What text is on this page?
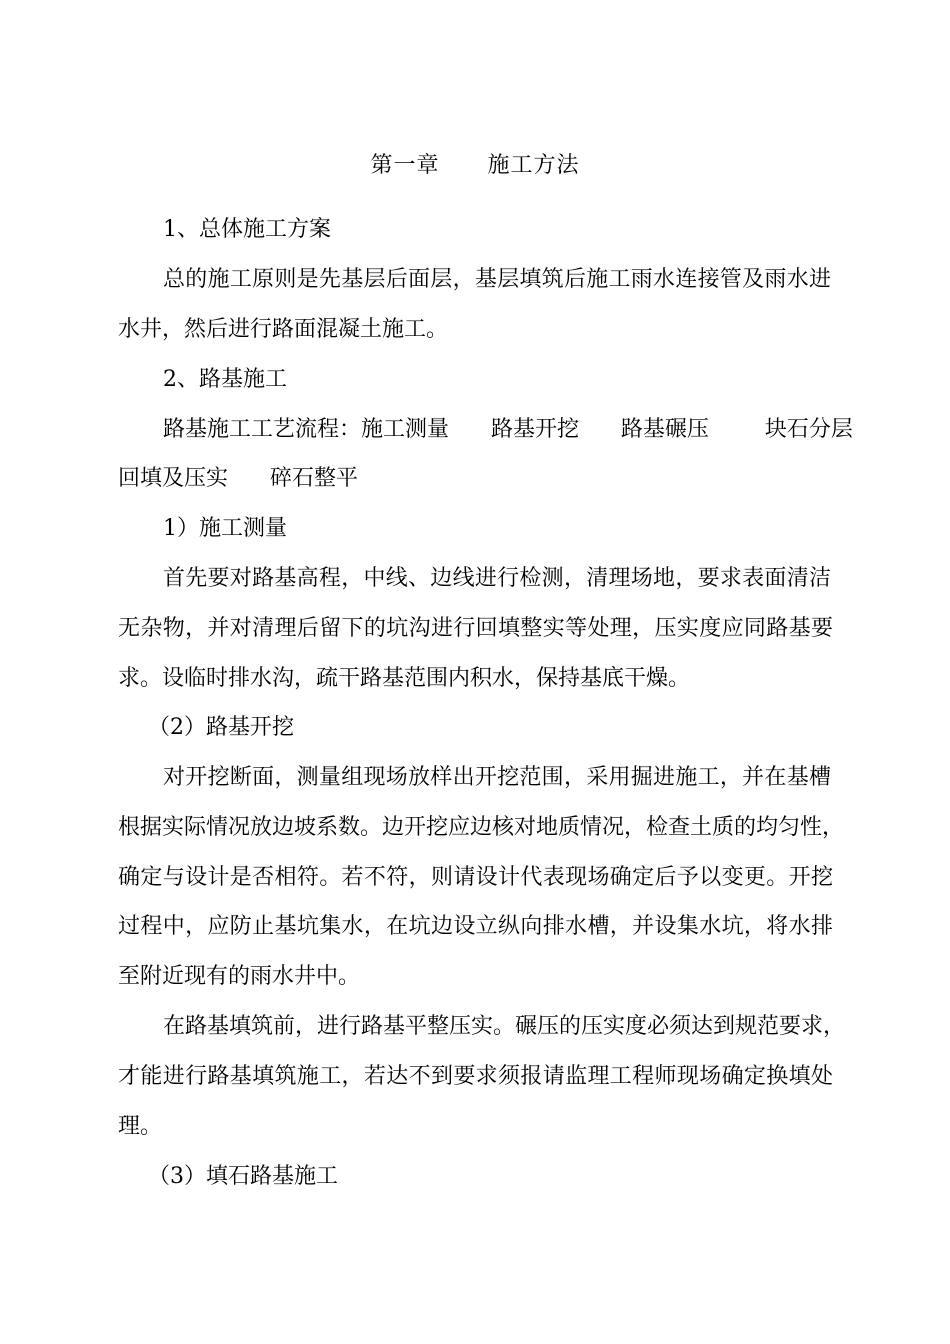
第一章      施工方法
1、总体施工方案
总的施工原则是先基层后面层，基层填筑后施工雨水连接管及雨水进
水井，然后进行路面混凝土施工。
2、路基施工
路基施工工艺流程：施工测量      路基开挖      路基碾压        块石分层
回填及压实      碎石整平
1）施工测量
首先要对路基高程，中线、边线进行检测，清理场地，要求表面清洁
无杂物，并对清理后留下的坑沟进行回填整实等处理，压实度应同路基要
求。设临时排水沟，疏干路基范围内积水，保持基底干燥。
（2）路基开挖
对开挖断面，测量组现场放样出开挖范围，采用掘进施工，并在基槽
根据实际情况放边坡系数。边开挖应边核对地质情况，检查土质的均匀性，
确定与设计是否相符。若不符，则请设计代表现场确定后予以变更。开挖
过程中，应防止基坑集水，在坑边设立纵向排水槽，并设集水坑，将水排
至附近现有的雨水井中。
在路基填筑前，进行路基平整压实。碾压的压实度必须达到规范要求，
才能进行路基填筑施工，若达不到要求须报请监理工程师现场确定换填处
理。
（3）填石路基施工
